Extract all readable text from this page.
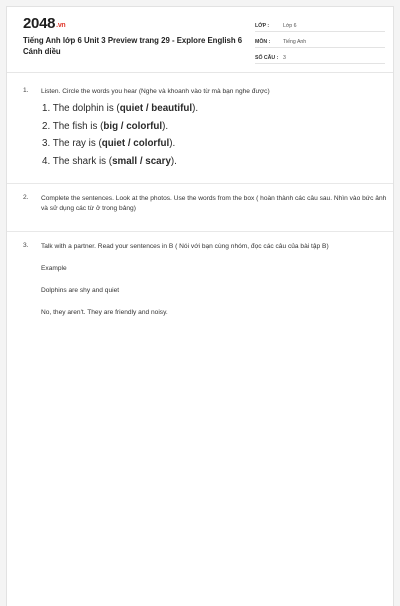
2048.vn
Tiếng Anh lớp 6 Unit 3 Preview trang 29 - Explore English 6 Cánh diều
LỚP :	Lớp 6
MÔN :	Tiếng Anh
SỐ CÂU : 3
1. Listen. Circle the words you hear (Nghe và khoanh vào từ mà bạn nghe được)
1. The dolphin is (quiet / beautiful).
2. The fish is (big / colorful).
3. The ray is (quiet / colorful).
4. The shark is (small / scary).
2. Complete the sentences. Look at the photos. Use the words from the box ( hoàn thành các câu sau. Nhìn vào bức ảnh và sử dụng các từ ở trong bảng)
3. Talk with a partner. Read your sentences in B ( Nói với bạn cùng nhóm, đọc các câu của bài tập B)
Example
Dolphins are shy and quiet
No, they aren't. They are friendly and noisy.
